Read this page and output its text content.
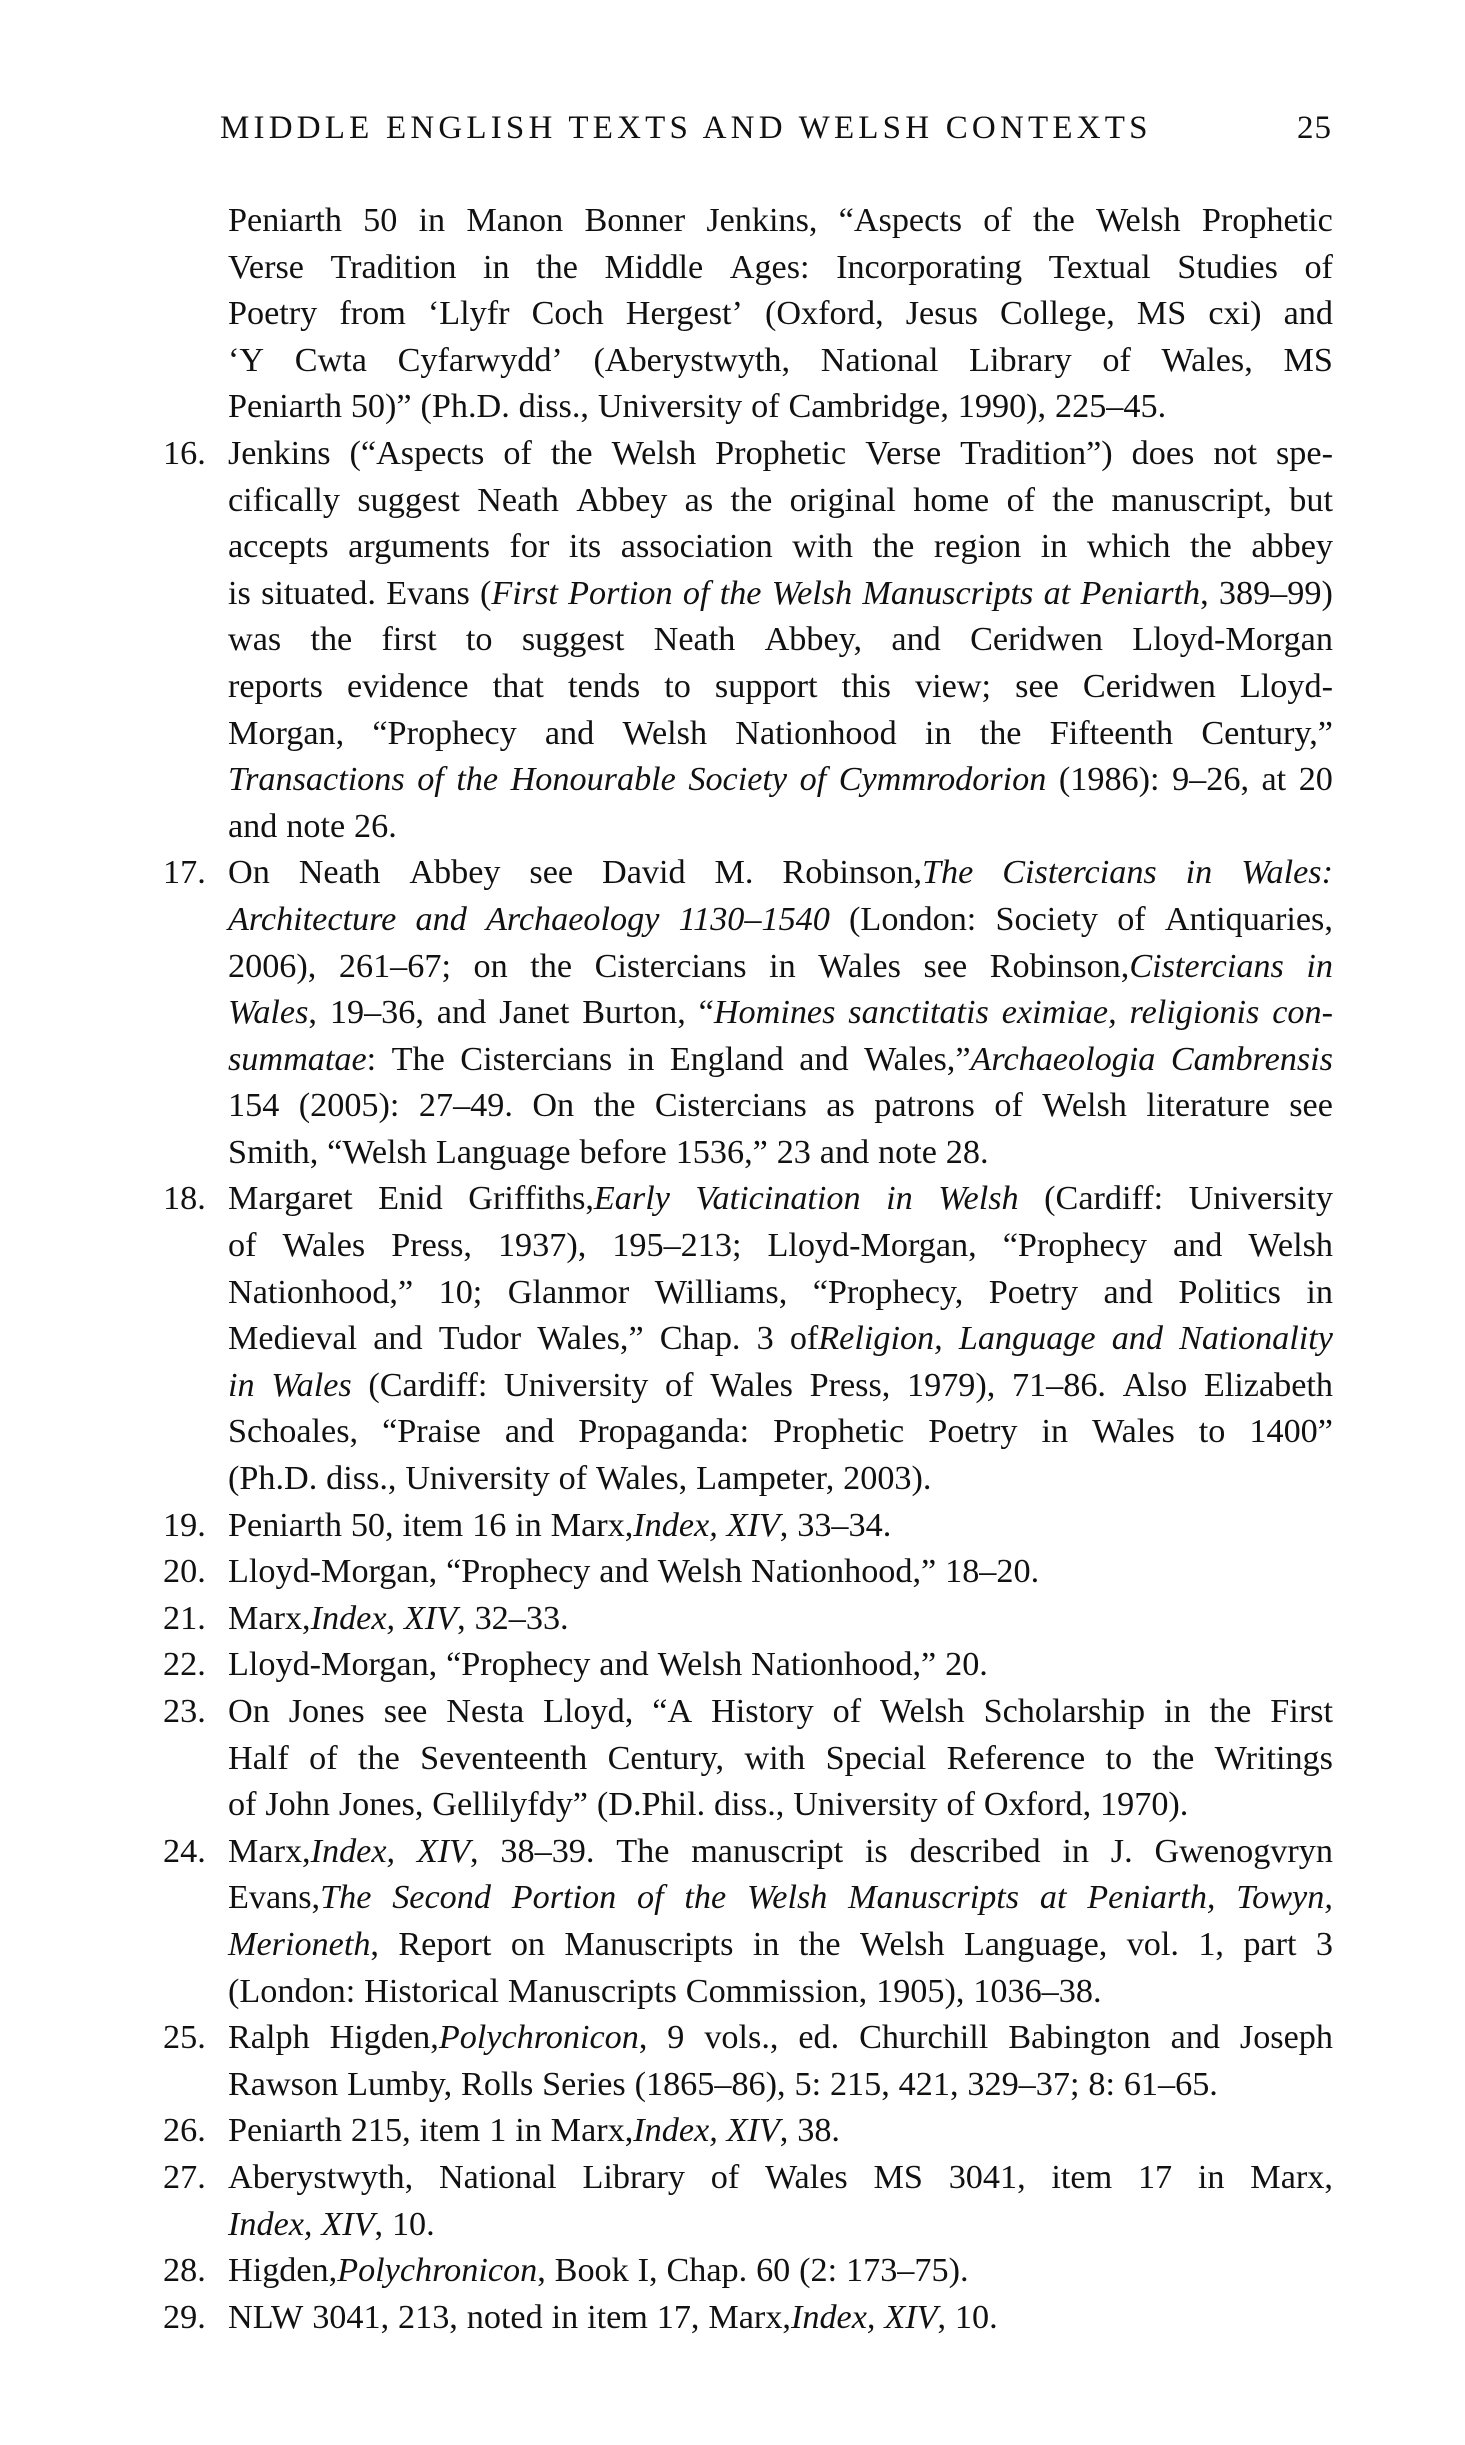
MIDDLE ENGLISH TEXTS AND WELSH CONTEXTS	25
Peniarth 50 in Manon Bonner Jenkins, “Aspects of the Welsh Prophetic
Verse Tradition in the Middle Ages: Incorporating Textual Studies of
Poetry from ‘Llyfr Coch Hergest’ (Oxford, Jesus College, MS cxi) and
‘Y Cwta Cyfarwydd’ (Aberystwyth, National Library of Wales, MS
Peniarth 50)” (Ph.D. diss., University of Cambridge, 1990), 225–45.
16. Jenkins (“Aspects of the Welsh Prophetic Verse Tradition”) does not spe-
cifically suggest Neath Abbey as the original home of the manuscript, but
accepts arguments for its association with the region in which the abbey
is situated. Evans (First Portion of the Welsh Manuscripts at Peniarth, 389–99)
was the first to suggest Neath Abbey, and Ceridwen Lloyd-Morgan
reports evidence that tends to support this view; see Ceridwen Lloyd-
Morgan, “Prophecy and Welsh Nationhood in the Fifteenth Century,”
Transactions of the Honourable Society of Cymmrodorion (1986): 9–26, at 20
and note 26.
17. On Neath Abbey see David M. Robinson,The Cistercians in Wales:
Architecture and Archaeology 1130–1540 (London: Society of Antiquaries,
2006), 261–67; on the Cistercians in Wales see Robinson,Cistercians in
Wales, 19–36, and Janet Burton, “Homines sanctitatis eximiae, religionis con-
summatae: The Cistercians in England and Wales,”Archaeologia Cambrensis
154 (2005): 27–49. On the Cistercians as patrons of Welsh literature see
Smith, “Welsh Language before 1536,” 23 and note 28.
18. Margaret Enid Griffiths,Early Vaticination in Welsh (Cardiff: University
of Wales Press, 1937), 195–213; Lloyd-Morgan, “Prophecy and Welsh
Nationhood,” 10; Glanmor Williams, “Prophecy, Poetry and Politics in
Medieval and Tudor Wales,” Chap. 3 ofReligion, Language and Nationality
in Wales (Cardiff: University of Wales Press, 1979), 71–86. Also Elizabeth
Schoales, “Praise and Propaganda: Prophetic Poetry in Wales to 1400”
(Ph.D. diss., University of Wales, Lampeter, 2003).
19. Peniarth 50, item 16 in Marx,Index, XIV, 33–34.
20. Lloyd-Morgan, “Prophecy and Welsh Nationhood,” 18–20.
21. Marx,Index, XIV, 32–33.
22. Lloyd-Morgan, “Prophecy and Welsh Nationhood,” 20.
23. On Jones see Nesta Lloyd, “A History of Welsh Scholarship in the First
Half of the Seventeenth Century, with Special Reference to the Writings
of John Jones, Gellilyfdy” (D.Phil. diss., University of Oxford, 1970).
24. Marx,Index, XIV, 38–39. The manuscript is described in J. Gwenogvryn
Evans,The Second Portion of the Welsh Manuscripts at Peniarth, Towyn,
Merioneth, Report on Manuscripts in the Welsh Language, vol. 1, part 3
(London: Historical Manuscripts Commission, 1905), 1036–38.
25. Ralph Higden,Polychronicon, 9 vols., ed. Churchill Babington and Joseph
Rawson Lumby, Rolls Series (1865–86), 5: 215, 421, 329–37; 8: 61–65.
26. Peniarth 215, item 1 in Marx,Index, XIV, 38.
27. Aberystwyth, National Library of Wales MS 3041, item 17 in Marx,
Index, XIV, 10.
28. Higden,Polychronicon, Book I, Chap. 60 (2: 173–75).
29. NLW 3041, 213, noted in item 17, Marx,Index, XIV, 10.
